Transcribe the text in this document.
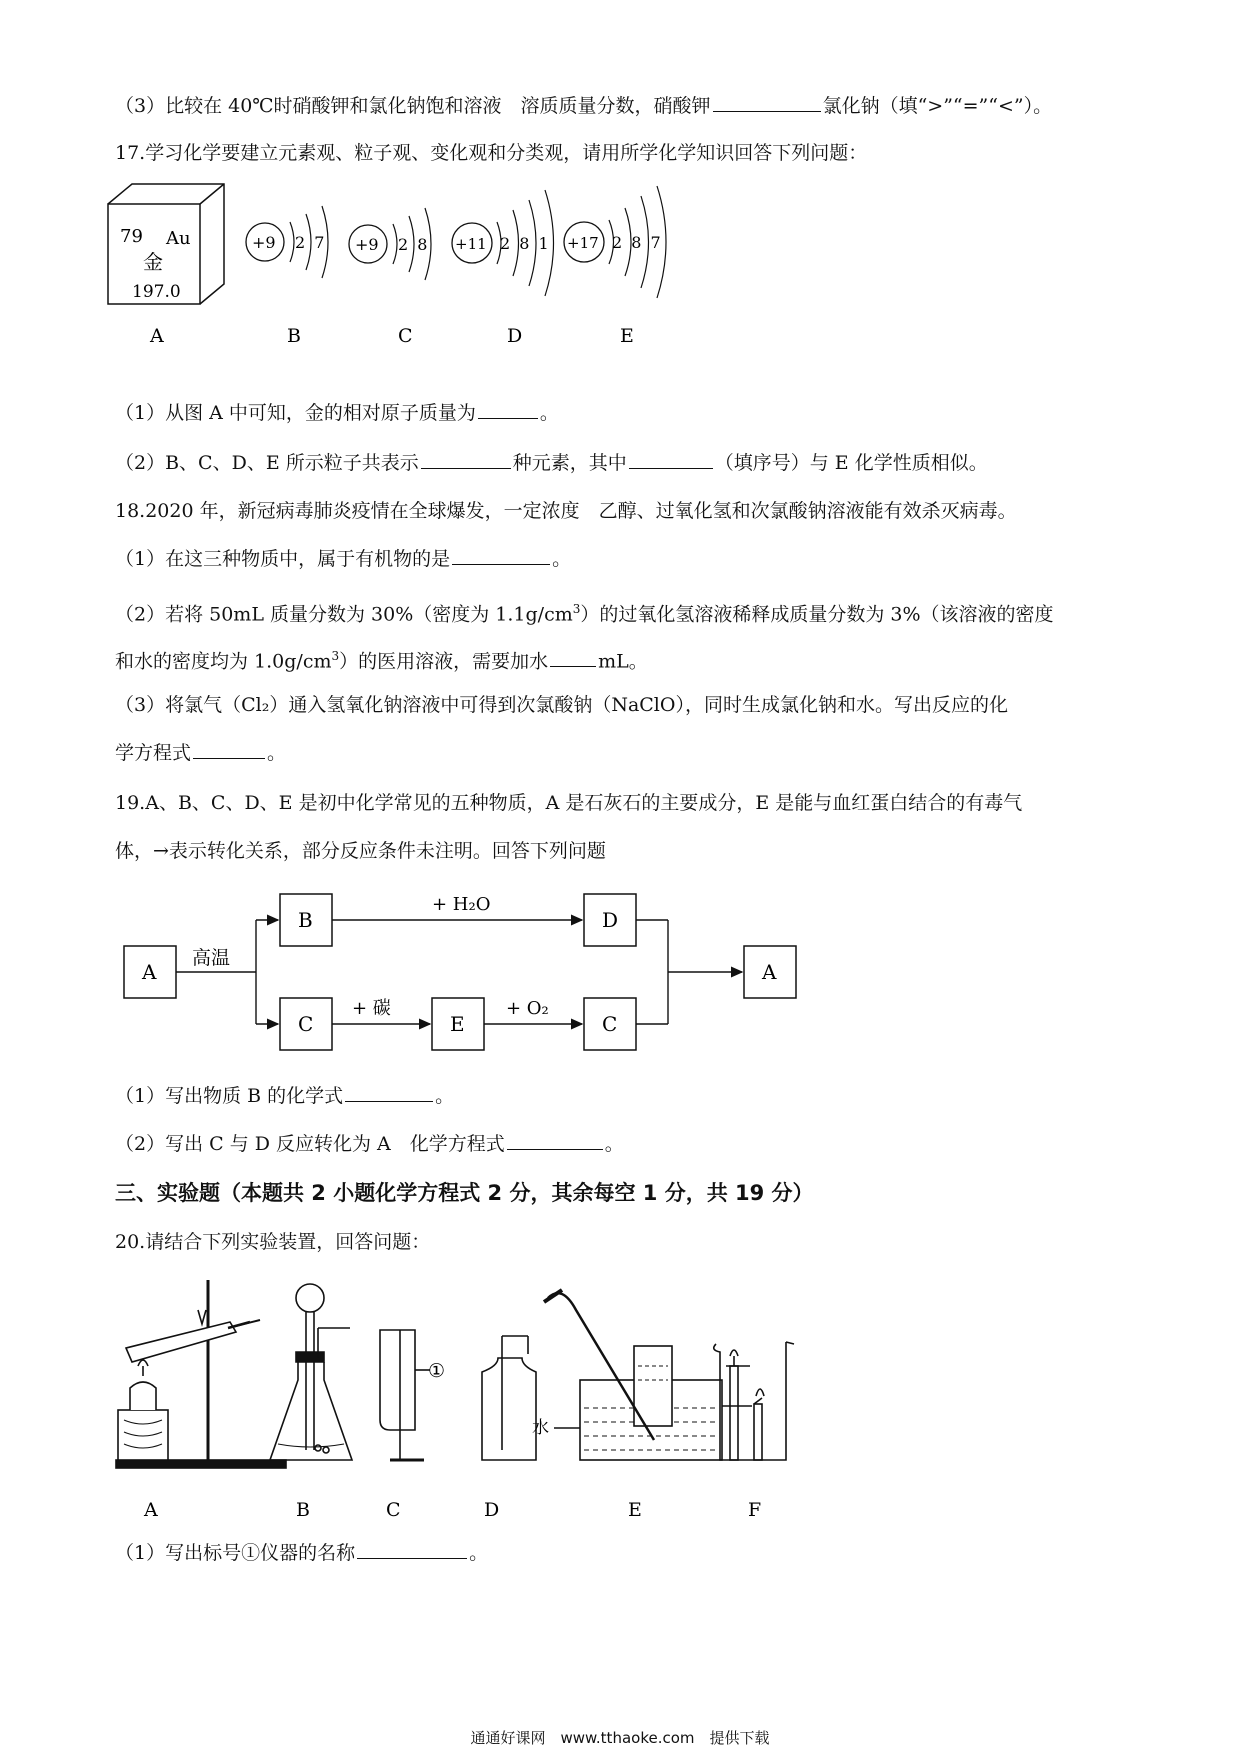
（3）比较在 40℃时硝酸钾和氯化钠饱和溶液　溶质质量分数，硝酸钾	氯化钠（填“>”“=”“<”）。
17.学习化学要建立元素观、粒子观、变化观和分类观，请用所学化学知识回答下列问题：
79 Au
金
197.0
+9 2 7 +9 2 8 +11 2 8 1 +17 2 8 7
A	B	C	D	E
（1）从图 A 中可知，金的相对原子质量为	。
（2）B、C、D、E 所示粒子共表示	种元素，其中	（填序号）与 E 化学性质相似。
18.2020 年，新冠病毒肺炎疫情在全球爆发，一定浓度　乙醇、过氧化氢和次氯酸钠溶液能有效杀灭病毒。
（1）在这三种物质中，属于有机物的是	。
（2）若将 50mL 质量分数为 30%（密度为 $1.1g/cm^3$）的过氧化氢溶液稀释成质量分数为 3%（该溶液的密度
和水的密度均为 $1.0g/cm^3$）的医用溶液，需要加水	mL。
（3）将氯气（Cl₂）通入氢氧化钠溶液中可得到次氯酸钠（NaClO），同时生成氯化钠和水。写出反应的化
学方程式	。
19.A、B、C、D、E 是初中化学常见的五种物质，A 是石灰石的主要成分，E 是能与血红蛋白结合的有毒气
体，→表示转化关系，部分反应条件未注明。回答下列问题
A
B	D
C	E	C
A
高温
+ H₂O
+ 碳	+ O₂
（1）写出物质 B 的化学式	。
（2）写出 C 与 D 反应转化为 A　化学方程式	。
三、实验题（本题共 2 小题化学方程式 2 分，其余每空 1 分，共 19 分）
20.请结合下列实验装置，回答问题：
①
水
A	B	C	D	E	F
（1）写出标号①仪器的名称	。
通通好课网　www.tthaoke.com　提供下载
